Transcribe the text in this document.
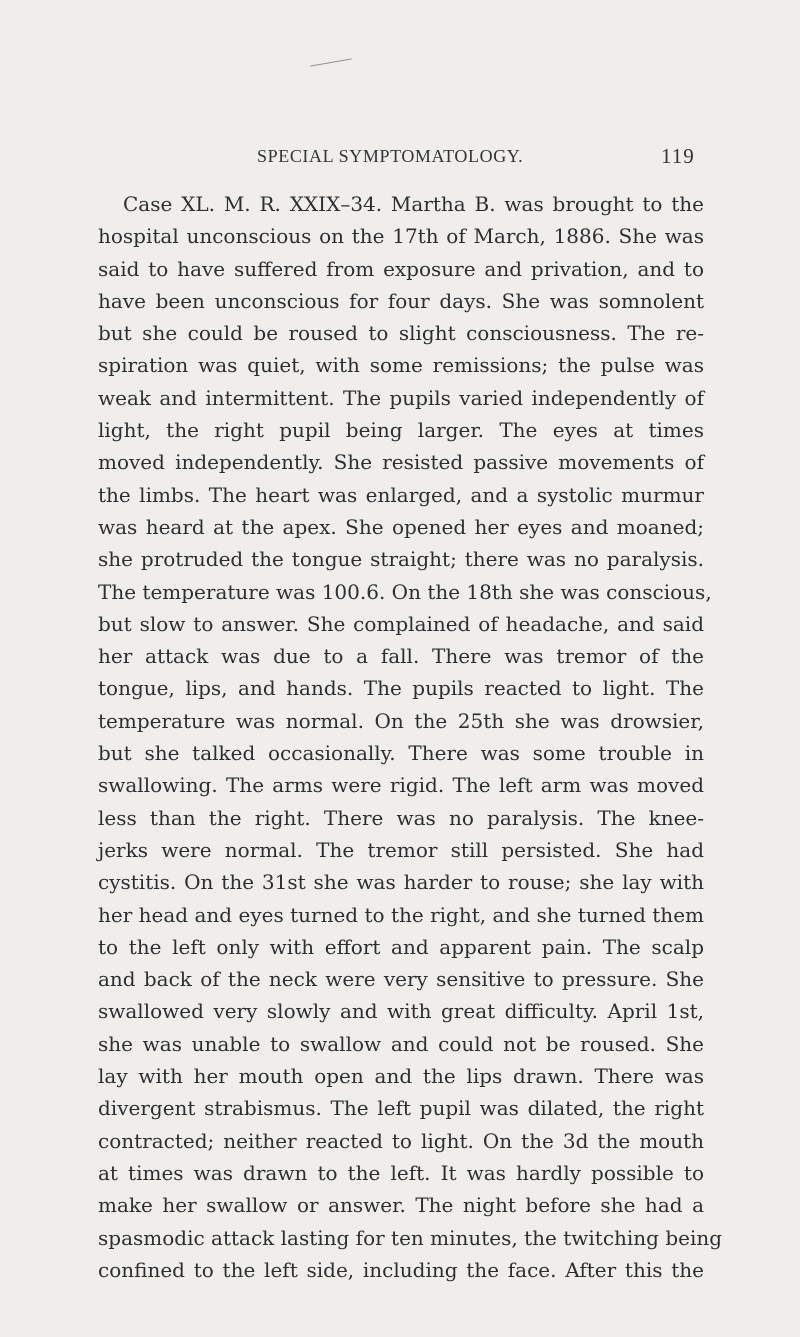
SPECIAL SYMPTOMATOLOGY.	119
Case XL. M. R. XXIX–34. Martha B. was brought to the
hospital unconscious on the 17th of March, 1886. She was
said to have suffered from exposure and privation, and to
have been unconscious for four days. She was somnolent
but she could be roused to slight consciousness. The re-
spiration was quiet, with some remissions; the pulse was
weak and intermittent. The pupils varied independently of
light, the right pupil being larger. The eyes at times
moved independently. She resisted passive movements of
the limbs. The heart was enlarged, and a systolic murmur
was heard at the apex. She opened her eyes and moaned;
she protruded the tongue straight; there was no paralysis.
The temperature was 100.6. On the 18th she was conscious,
but slow to answer. She complained of headache, and said
her attack was due to a fall. There was tremor of the
tongue, lips, and hands. The pupils reacted to light. The
temperature was normal. On the 25th she was drowsier,
but she talked occasionally. There was some trouble in
swallowing. The arms were rigid. The left arm was moved
less than the right. There was no paralysis. The knee-
jerks were normal. The tremor still persisted. She had
cystitis. On the 31st she was harder to rouse; she lay with
her head and eyes turned to the right, and she turned them
to the left only with effort and apparent pain. The scalp
and back of the neck were very sensitive to pressure. She
swallowed very slowly and with great difficulty. April 1st,
she was unable to swallow and could not be roused. She
lay with her mouth open and the lips drawn. There was
divergent strabismus. The left pupil was dilated, the right
contracted; neither reacted to light. On the 3d the mouth
at times was drawn to the left. It was hardly possible to
make her swallow or answer. The night before she had a
spasmodic attack lasting for ten minutes, the twitching being
confined to the left side, including the face. After this the
